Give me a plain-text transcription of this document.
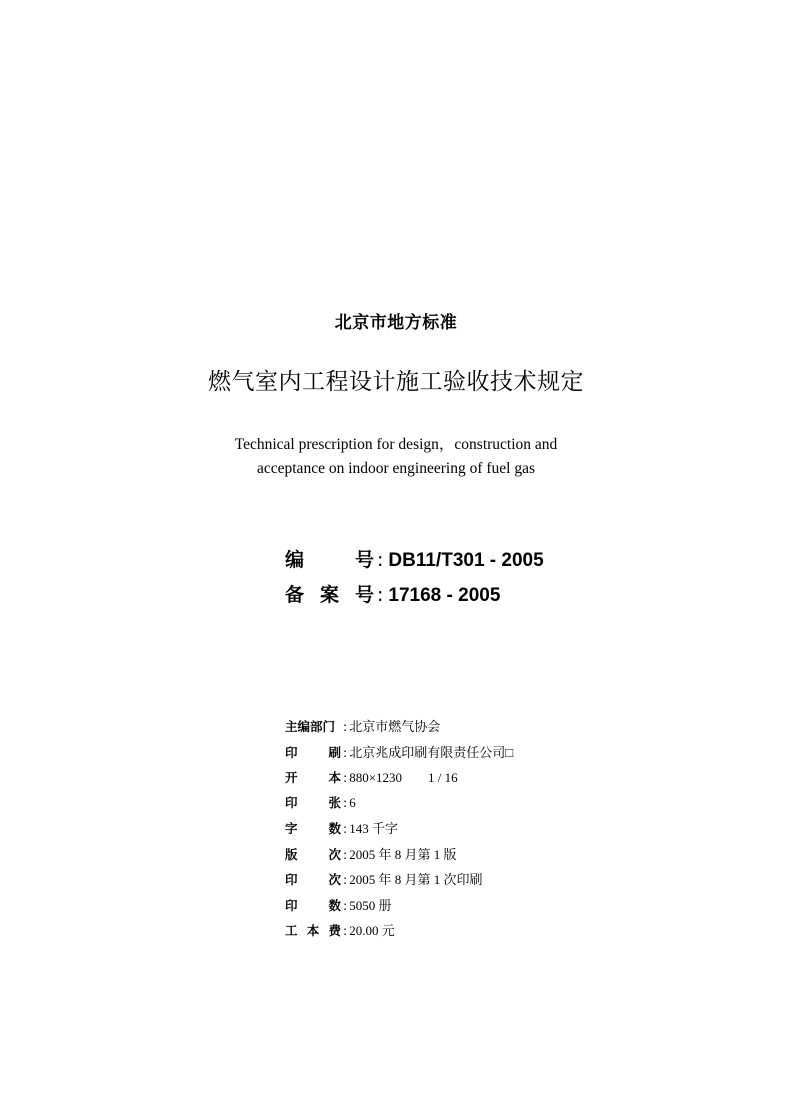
北京市地方标准
燃气室内工程设计施工验收技术规定
Technical prescription for design，construction and
acceptance on indoor engineering of fuel gas
编	号 : DB11/T301 - 2005
备 案 号 : 17168 - 2005
主编部门 : 北京市燃气协会
印 刷 : 北京兆成印刷有限责任公司□
开 本 : 880×1230　　1 / 16
印 张 : 6
字 数 : 143 千字
版 次 : 2005 年 8 月第 1 版
印 次 : 2005 年 8 月第 1 次印刷
印 数 : 5050 册
工 本 费 : 20.00 元
